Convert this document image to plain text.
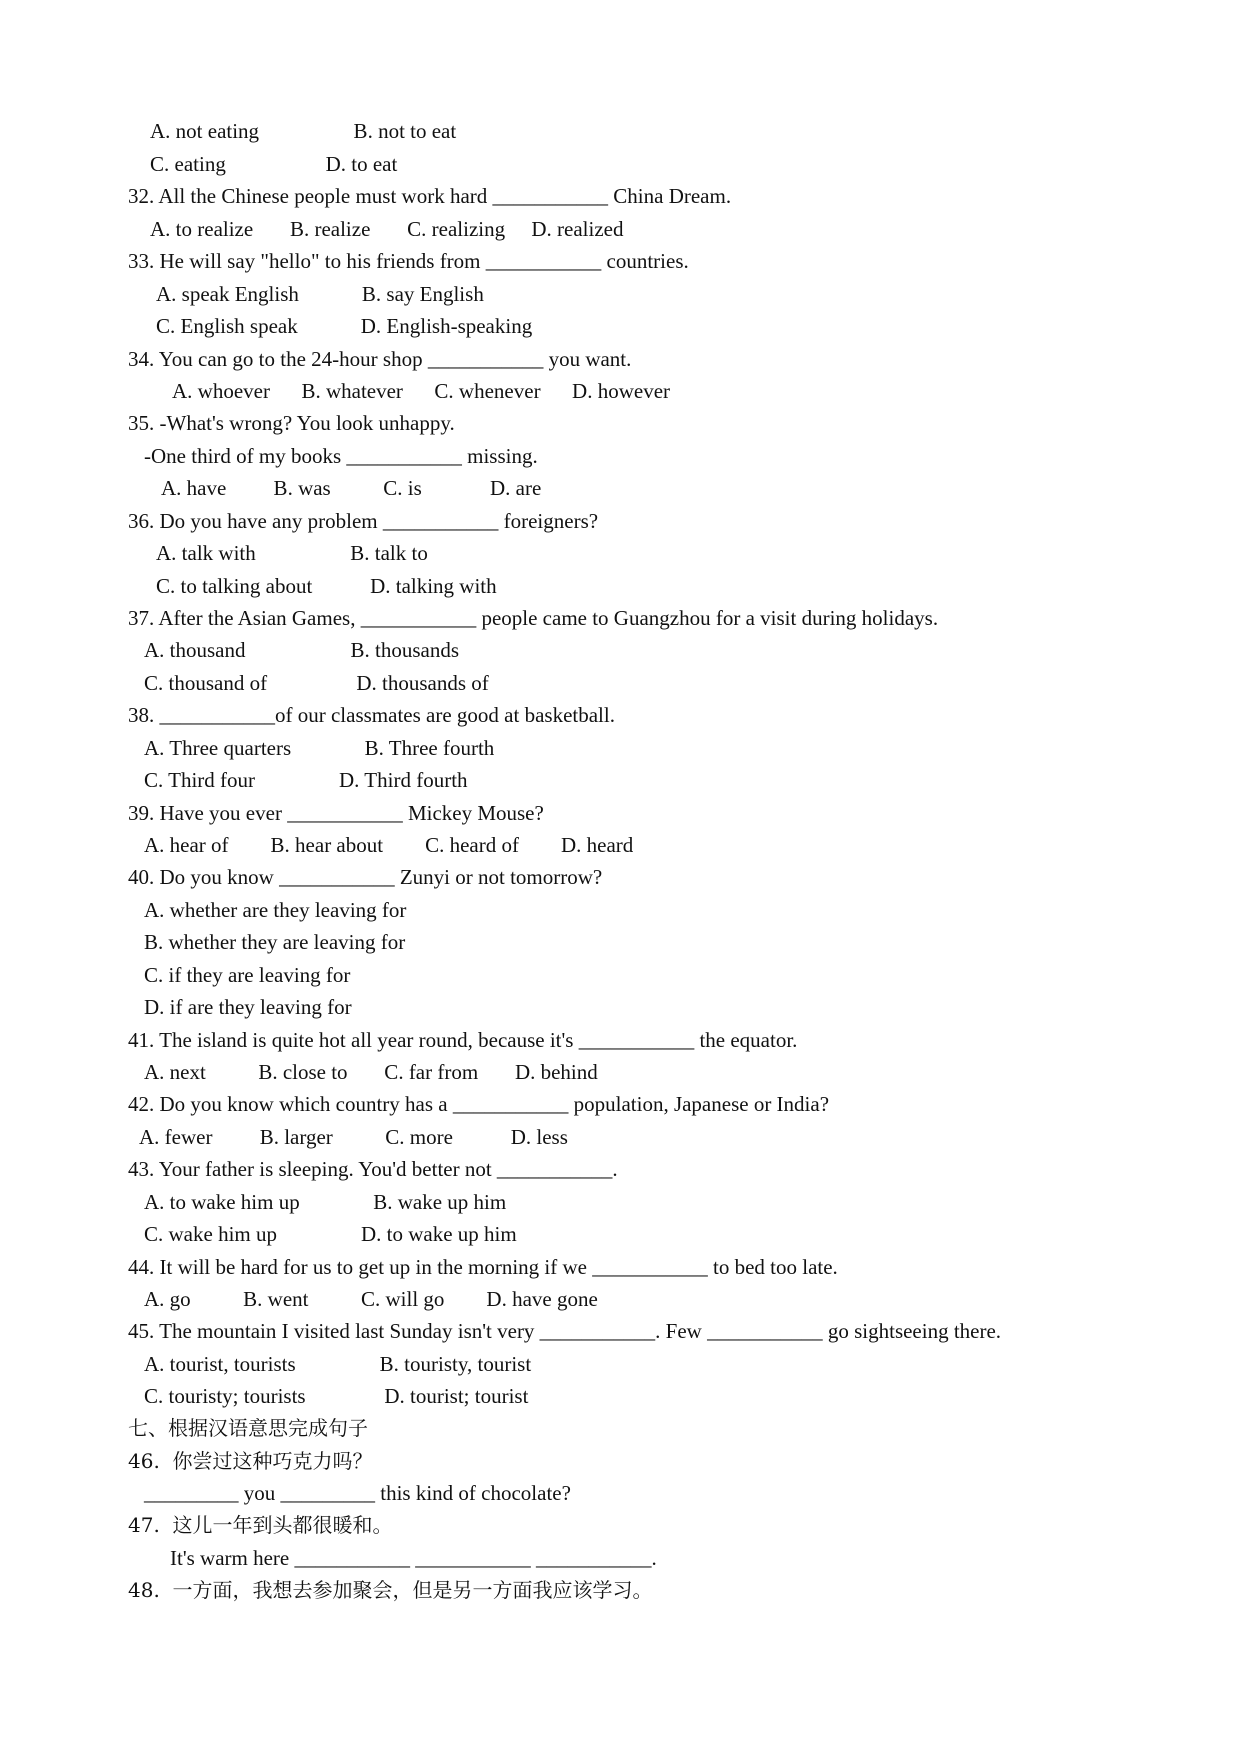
A. not eating                  B. not to eat
C. eating                   D. to eat
32. All the Chinese people must work hard ___________ China Dream.
A. to realize       B. realize       C. realizing     D. realized
33. He will say "hello" to his friends from ___________ countries.
A. speak English            B. say English
C. English speak            D. English-speaking
34. You can go to the 24-hour shop ___________ you want.
A. whoever      B. whatever      C. whenever      D. however
35. -What's wrong? You look unhappy.
-One third of my books ___________ missing.
A. have         B. was          C. is             D. are
36. Do you have any problem ___________ foreigners?
A. talk with                  B. talk to
C. to talking about           D. talking with
37. After the Asian Games, ___________ people came to Guangzhou for a visit during holidays.
A. thousand                    B. thousands
C. thousand of                 D. thousands of
38. ___________of our classmates are good at basketball.
A. Three quarters              B. Three fourth
C. Third four                D. Third fourth
39. Have you ever ___________ Mickey Mouse?
A. hear of        B. hear about        C. heard of        D. heard
40. Do you know ___________ Zunyi or not tomorrow?
A. whether are they leaving for
B. whether they are leaving for
C. if they are leaving for
D. if are they leaving for
41. The island is quite hot all year round, because it's ___________ the equator.
A. next          B. close to       C. far from       D. behind
42. Do you know which country has a ___________ population, Japanese or India?
A. fewer         B. larger          C. more           D. less
43. Your father is sleeping. You'd better not ___________.
A. to wake him up              B. wake up him
C. wake him up                D. to wake up him
44. It will be hard for us to get up in the morning if we ___________ to bed too late.
A. go          B. went          C. will go        D. have gone
45. The mountain I visited last Sunday isn't very ___________. Few ___________ go sightseeing there.
A. tourist, tourists                B. touristy, tourist
C. touristy; tourists               D. tourist; tourist
七、根据汉语意思完成句子
46.  你尝过这种巧克力吗？
_________ you _________ this kind of chocolate?
47.  这儿一年到头都很暖和。
It's warm here ___________ ___________ ___________.
48.  一方面，我想去参加聚会，但是另一方面我应该学习。
